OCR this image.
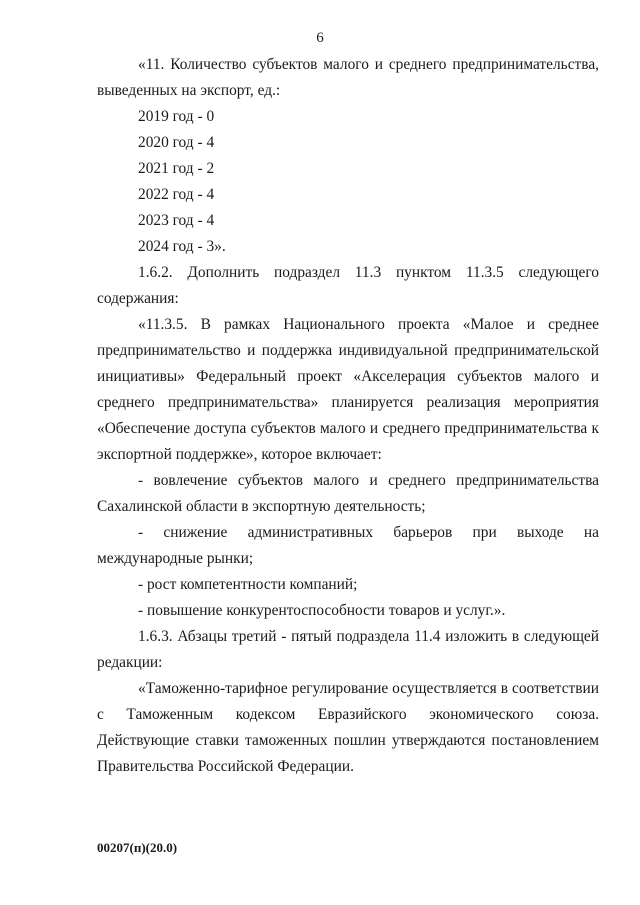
6

«11. Количество субъектов малого и среднего предпринимательства, выведенных на экспорт, ед.:

2019 год - 0

2020 год - 4

2021 год - 2

2022 год - 4

2023 год - 4

2024 год - 3».

1.6.2. Дополнить подраздел 11.3 пунктом 11.3.5 следующего содержания:

«11.3.5. В рамках Национального проекта «Малое и среднее предпринимательство и поддержка индивидуальной предпринимательской инициативы» Федеральный проект «Акселерация субъектов малого и среднего предпринимательства» планируется реализация мероприятия «Обеспечение доступа субъектов малого и среднего предпринимательства к экспортной поддержке», которое включает:

- вовлечение субъектов малого и среднего предпринимательства Сахалинской области в экспортную деятельность;

- снижение административных барьеров при выходе на международные рынки;

- рост компетентности компаний;

- повышение конкурентоспособности товаров и услуг.».

1.6.3. Абзацы третий - пятый подраздела 11.4 изложить в следующей редакции:

«Таможенно-тарифное регулирование осуществляется в соответствии с Таможенным кодексом Евразийского экономического союза. Действующие ставки таможенных пошлин утверждаются постановлением Правительства Российской Федерации.

00207(п)(20.0)
